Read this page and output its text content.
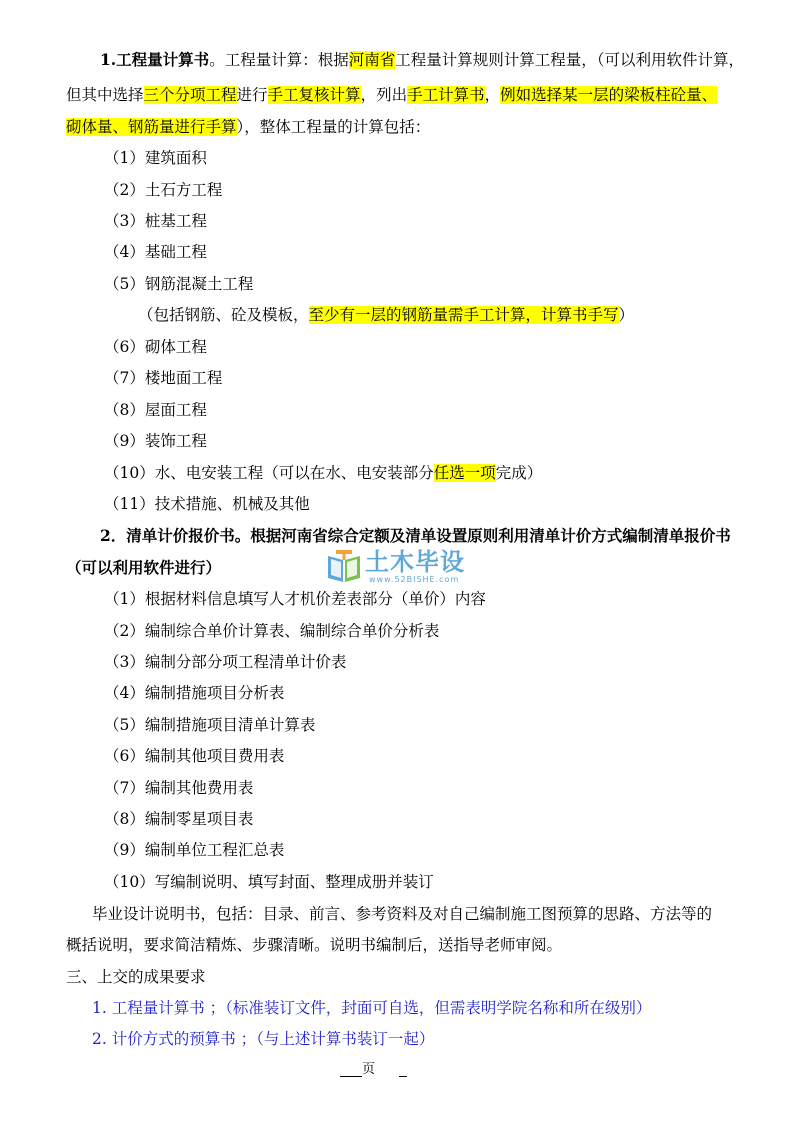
1.工程量计算书。工程量计算：根据河南省工程量计算规则计算工程量，（可以利用软件计算，
但其中选择三个分项工程进行手工复核计算，列出手工计算书，例如选择某一层的梁板柱砼量、
砌体量、钢筋量进行手算），整体工程量的计算包括：
（1）建筑面积
（2）土石方工程
（3）桩基工程
（4）基础工程
（5）钢筋混凝土工程
（包括钢筋、砼及模板，至少有一层的钢筋量需手工计算，计算书手写）
（6）砌体工程
（7）楼地面工程
（8）屋面工程
（9）装饰工程
（10）水、电安装工程（可以在水、电安装部分任选一项完成）
（11）技术措施、机械及其他
2．清单计价报价书。根据河南省综合定额及清单设置原则利用清单计价方式编制清单报价书
（可以利用软件进行）	土木毕设
www.52BISHE.com
（1）根据材料信息填写人才机价差表部分（单价）内容
（2）编制综合单价计算表、编制综合单价分析表
（3）编制分部分项工程清单计价表
（4）编制措施项目分析表
（5）编制措施项目清单计算表
（6）编制其他项目费用表
（7）编制其他费用表
（8）编制零星项目表
（9）编制单位工程汇总表
（10）写编制说明、填写封面、整理成册并装订
毕业设计说明书，包括：目录、前言、参考资料及对自己编制施工图预算的思路、方法等的
概括说明，要求简洁精炼、步骤清晰。说明书编制后，送指导老师审阅。
三、上交的成果要求
1. 工程量计算书 ；（标准装订文件，封面可自选，但需表明学院名称和所在级别）
2. 计价方式的预算书 ；（与上述计算书装订一起）
页
